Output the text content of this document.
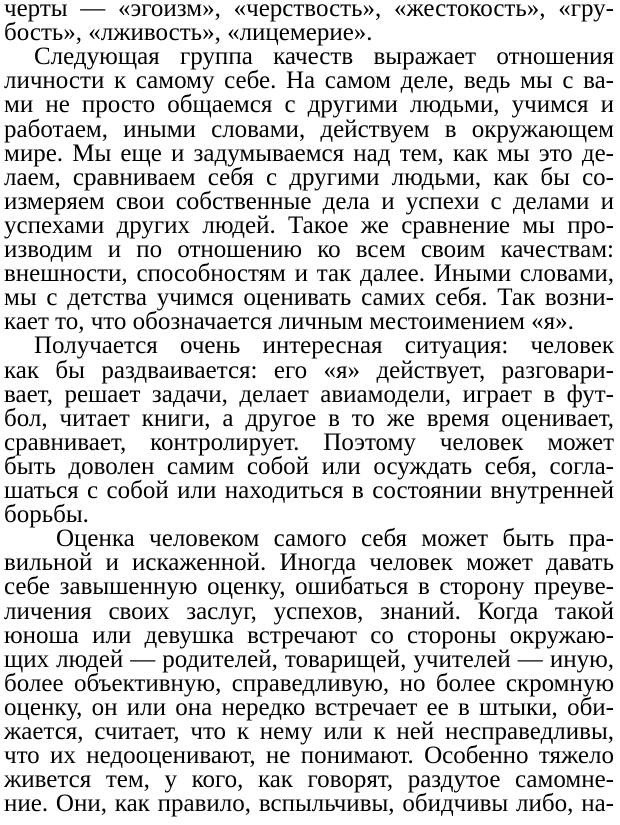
черты — «эгоизм», «черствость», «жестокость», «гру-
бость», «лживость», «лицемерие».
Следующая группа качеств выражает отношения
личности к самому себе. На самом деле, ведь мы с ва-
ми не просто общаемся с другими людьми, учимся и
работаем, иными словами, действуем в окружающем
мире. Мы еще и задумываемся над тем, как мы это де-
лаем, сравниваем себя с другими людьми, как бы со-
измеряем свои собственные дела и успехи с делами и
успехами других людей. Такое же сравнение мы про-
изводим и по отношению ко всем своим качествам:
внешности, способностям и так далее. Иными словами,
мы с детства учимся оценивать самих себя. Так возни-
кает то, что обозначается личным местоимением «я».
Получается очень интересная ситуация: человек
как бы раздваивается: его «я» действует, разговари-
вает, решает задачи, делает авиамодели, играет в фут-
бол, читает книги, а другое в то же время оценивает,
сравнивает, контролирует. Поэтому человек может
быть доволен самим собой или осуждать себя, согла-
шаться с собой или находиться в состоянии внутренней
борьбы.
Оценка человеком самого себя может быть пра-
вильной и искаженной. Иногда человек может давать
себе завышенную оценку, ошибаться в сторону преуве-
личения своих заслуг, успехов, знаний. Когда такой
юноша или девушка встречают со стороны окружаю-
щих людей — родителей, товарищей, учителей — иную,
более объективную, справедливую, но более скромную
оценку, он или она нередко встречает ее в штыки, оби-
жается, считает, что к нему или к ней несправедливы,
что их недооценивают, не понимают. Особенно тяжело
живется тем, у кого, как говорят, раздутое самомне-
ние. Они, как правило, вспыльчивы, обидчивы либо, на-
